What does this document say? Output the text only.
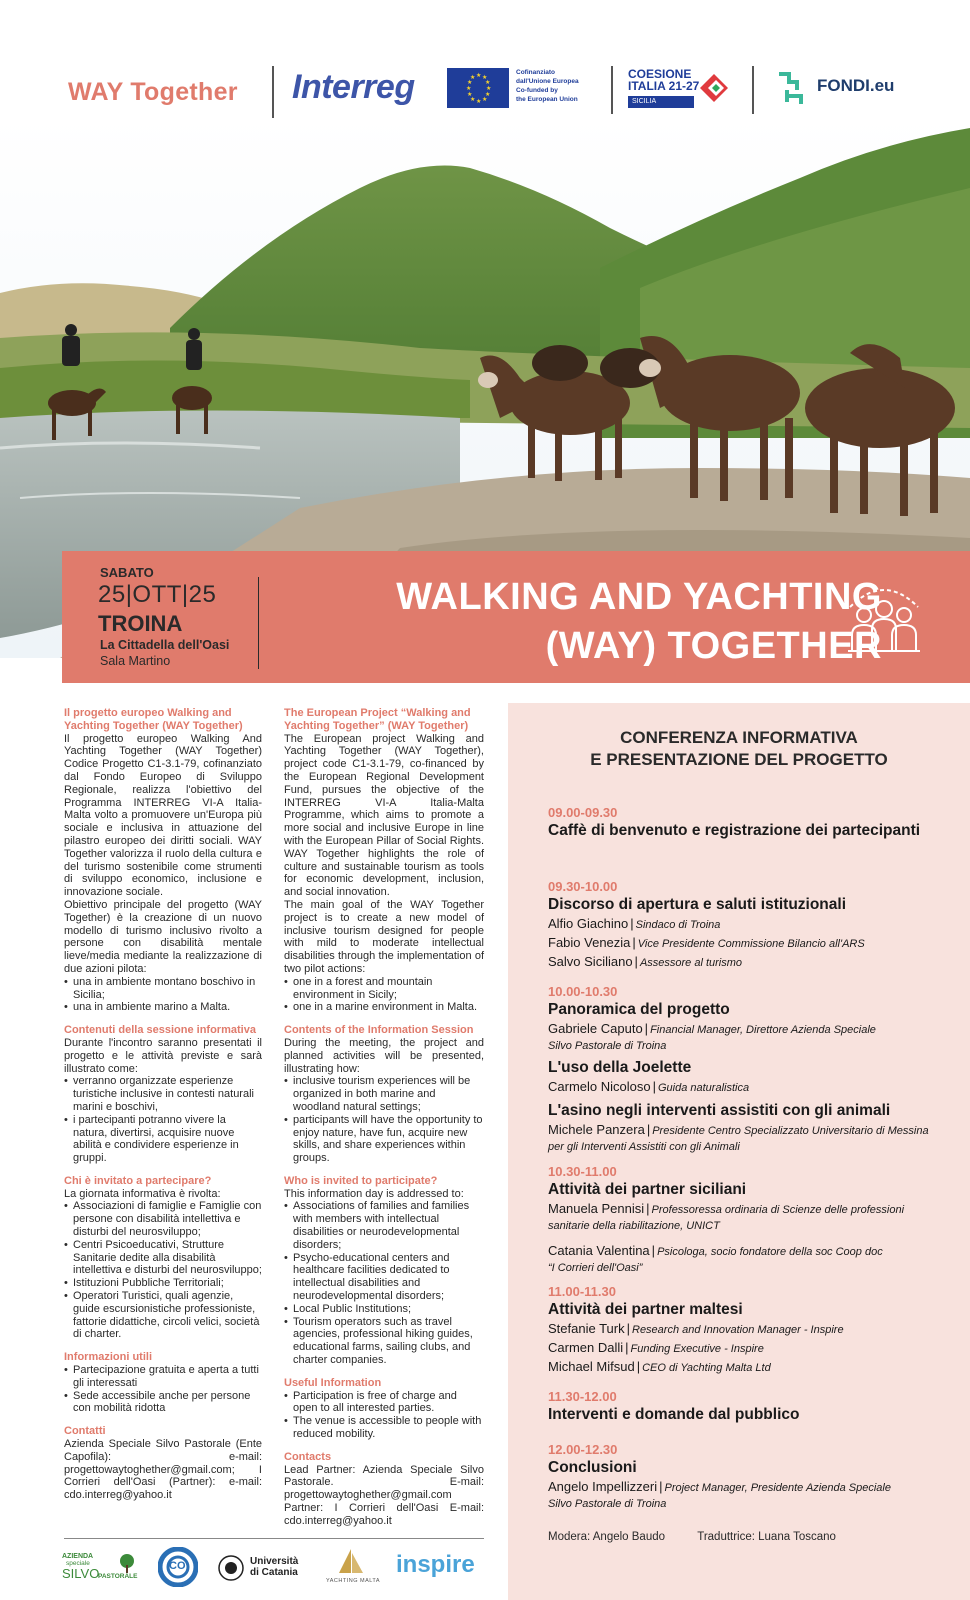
WAY Together Interreg	★ ★
★
★
★
★
★
★
★
★
★
★
Cofinanziato
dall'Unione Europea
Co-funded by
the European Union
COESIONE
ITALIA 21-27
SICILIA
FONDI.eu
SABATO
25|OTT|25
TROINA
La Cittadella dell'Oasi
Sala Martino
WALKING AND YACHTING
(WAY) TOGETHER
Il progetto europeo Walking and Yachting Together (WAY Together)

Il progetto europeo Walking And Yachting Together (WAY Together) Codice Progetto C1-3.1-79, cofinanziato dal Fondo Europeo di Sviluppo Regionale, realizza l'obiettivo del Programma INTERREG VI-A Italia-Malta volto a promuovere un'Europa più sociale e inclusiva in attuazione del pilastro europeo dei diritti sociali. WAY Together valorizza il ruolo della cultura e del turismo sostenibile come strumenti di sviluppo economico, inclusione e innovazione sociale.

Obiettivo principale del progetto (WAY Together) è la creazione di un nuovo modello di turismo inclusivo rivolto a persone con disabilità mentale lieve/media mediante la realizzazione di due azioni pilota:

• una in ambiente montano boschivo in Sicilia;
• una in ambiente marino a Malta.
Contenuti della sessione informativa

Durante l'incontro saranno presentati il progetto e le attività previste e sarà illustrato come:

• verranno organizzate esperienze turistiche inclusive in contesti naturali marini e boschivi,
• i partecipanti potranno vivere la natura, divertirsi, acquisire nuove abilità e condividere esperienze in gruppi.
Chi è invitato a partecipare?

La giornata informativa è rivolta:

• Associazioni di famiglie e Famiglie con persone con disabilità intellettiva e disturbi del neurosviluppo;
• Centri Psicoeducativi, Strutture Sanitarie dedite alla disabilità intellettiva e disturbi del neurosviluppo;
• Istituzioni Pubbliche Territoriali;
• Operatori Turistici, quali agenzie, guide escursionistiche professioniste, fattorie didattiche, circoli velici, società di charter.
Informazioni utili
• Partecipazione gratuita e aperta a tutti gli interessati
• Sede accessibile anche per persone con mobilità ridotta
Contatti

Azienda Speciale Silvo Pastorale (Ente Capofila): e-mail: progettowaytoghether@gmail.com; I Corrieri dell'Oasi (Partner): e-mail: cdo.interreg@yahoo.it

The European Project “Walking and Yachting Together” (WAY Together)

The European project Walking and Yachting Together (WAY Together), project code C1-3.1-79, co-financed by the European Regional Development Fund, pursues the objective of the INTERREG VI-A Italia-Malta Programme, which aims to promote a more social and inclusive Europe in line with the European Pillar of Social Rights. WAY Together highlights the role of culture and sustainable tourism as tools for economic development, inclusion, and social innovation.

The main goal of the WAY Together project is to create a new model of inclusive tourism designed for people with mild to moderate intellectual disabilities through the implementation of two pilot actions:

• one in a forest and mountain environment in Sicily;
• one in a marine environment in Malta.
Contents of the Information Session

During the meeting, the project and planned activities will be presented, illustrating how:

• inclusive tourism experiences will be organized in both marine and woodland natural settings;
• participants will have the opportunity to enjoy nature, have fun, acquire new skills, and share experiences within groups.
Who is invited to participate?

This information day is addressed to:

• Associations of families and families with members with intellectual disabilities or neurodevelopmental disorders;
• Psycho-educational centers and healthcare facilities dedicated to intellectual disabilities and neurodevelopmental disorders;
• Local Public Institutions;
• Tourism operators such as travel agencies, professional hiking guides, educational farms, sailing clubs, and charter companies.
Useful Information
• Participation is free of charge and open to all interested parties.
• The venue is accessible to people with reduced mobility.
Contacts

Lead Partner: Azienda Speciale Silvo Pastorale. E-mail: progettowaytoghether@gmail.com Partner: I Corrieri dell'Oasi E-mail: cdo.interreg@yahoo.it

CONFERENZA INFORMATIVA
E PRESENTAZIONE DEL PROGETTO
09.00-09.30
Caffè di benvenuto e registrazione dei partecipanti
09.30-10.00
Discorso di apertura e saluti istituzionali
Alfio Giachino | Sindaco di Troina
Fabio Venezia | Vice Presidente Commissione Bilancio all'ARS
Salvo Siciliano | Assessore al turismo
10.00-10.30
Panoramica del progetto
Gabriele Caputo | Financial Manager, Direttore Azienda Speciale
Silvo Pastorale di Troina
L'uso della Joelette
Carmelo Nicoloso | Guida naturalistica
L'asino negli interventi assistiti con gli animali
Michele Panzera | Presidente Centro Specializzato Universitario di Messina
per gli Interventi Assistiti con gli Animali
10.30-11.00
Attività dei partner siciliani
Manuela Pennisi | Professoressa ordinaria di Scienze delle professioni
sanitarie della riabilitazione, UNICT
Catania Valentina | Psicologa, socio fondatore della soc Coop doc
“I Corrieri dell'Oasi”
11.00-11.30
Attività dei partner maltesi
Stefanie Turk | Research and Innovation Manager - Inspire
Carmen Dalli | Funding Executive - Inspire
Michael Mifsud | CEO di Yachting Malta Ltd
11.30-12.00
Interventi e domande dal pubblico
12.00-12.30
Conclusioni
Angelo Impellizzeri | Project Manager, Presidente Azienda Speciale
Silvo Pastorale di Troina
Modera: Angelo Baudo	Traduttrice: Luana Toscano
AZIENDA
speciale
SILVO
PASTORALE
CO	Università
di Catania
YACHTING MALTA
inspire
